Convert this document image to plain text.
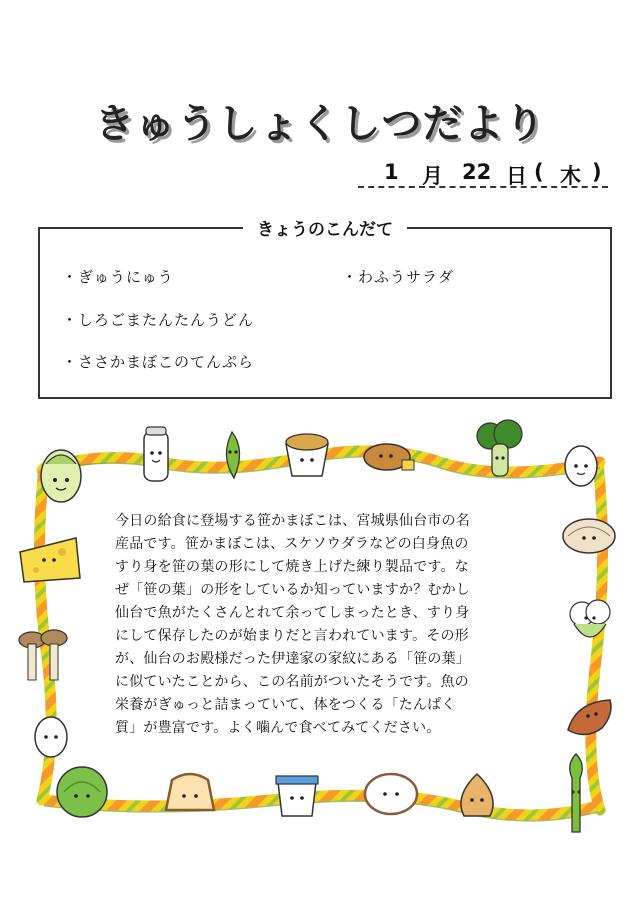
きゅうしょくしつだより
1 月 22 日 ( 木 )
きょうのこんだて
・ぎゅうにゅう
・しろごまたんたんうどん
・ささかまぼこのてんぷら
・わふうサラダ
今日の給食に登場する笹かまぼこは、宮城県仙台市の名
産品です。笹かまぼこは、スケソウダラなどの白身魚の
すり身を笹の葉の形にして焼き上げた練り製品です。な
ぜ「笹の葉」の形をしているか知っていますか？むかし
仙台で魚がたくさんとれて余ってしまったとき、すり身
にして保存したのが始まりだと言われています。その形
が、仙台のお殿様だった伊達家の家紋にある「笹の葉」
に似ていたことから、この名前がついたそうです。魚の
栄養がぎゅっと詰まっていて、体をつくる「たんぱく
質」が豊富です。よく噛んで食べてみてください。
